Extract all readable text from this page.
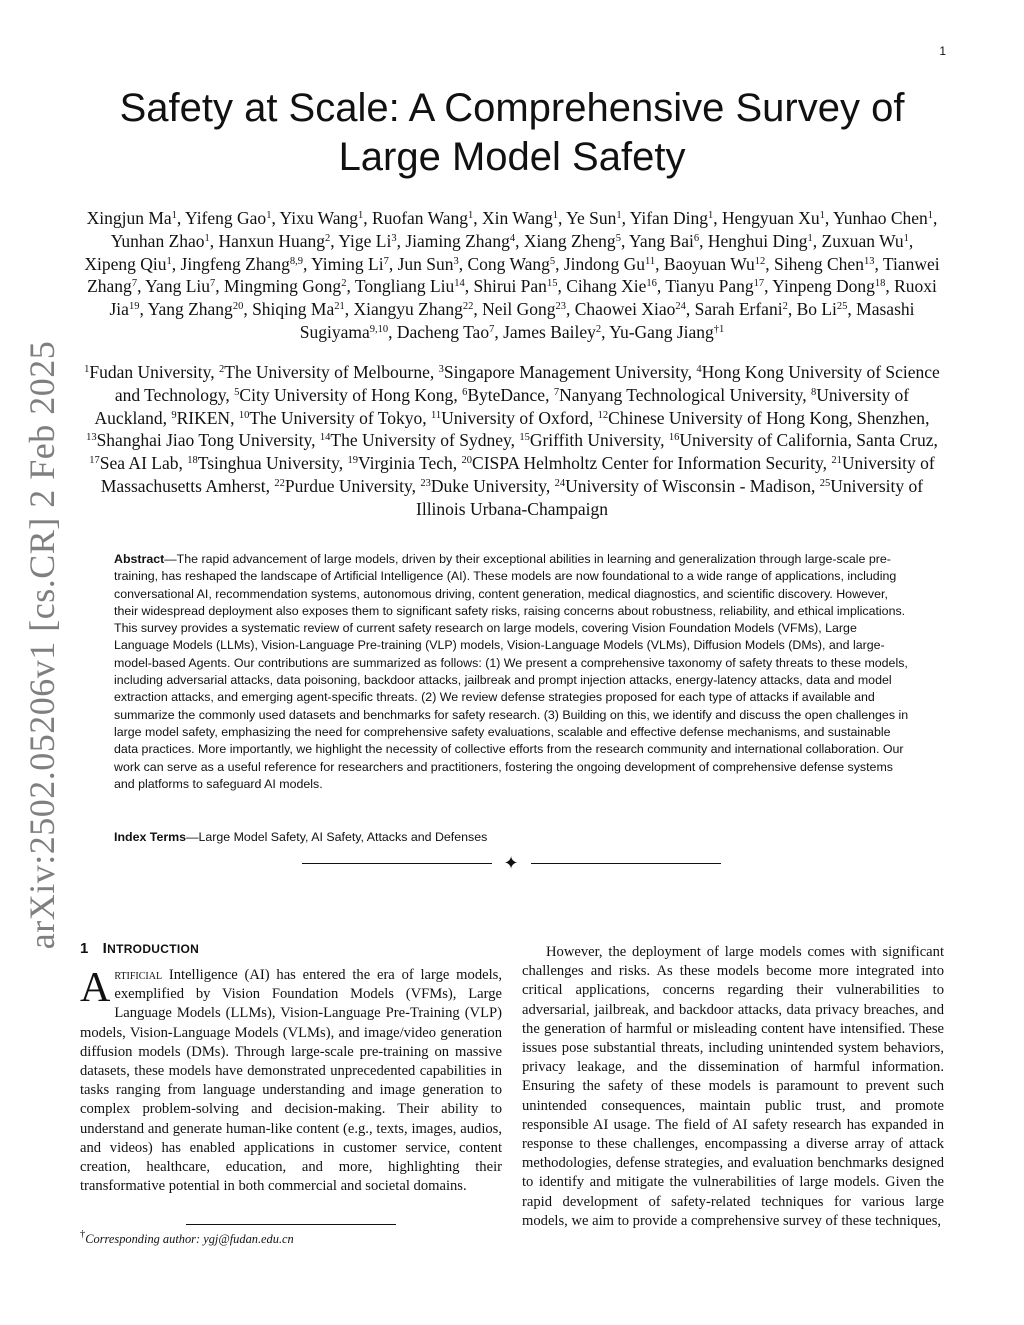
1
arXiv:2502.05206v1 [cs.CR] 2 Feb 2025
Safety at Scale: A Comprehensive Survey of
Large Model Safety
Xingjun Ma$^1$, Yifeng Gao$^1$, Yixu Wang$^1$, Ruofan Wang$^1$, Xin Wang$^1$, Ye Sun$^1$, Yifan Ding$^1$, Hengyuan Xu$^1$, Yunhao Chen$^1$, Yunhan Zhao$^1$, Hanxun Huang$^2$, Yige Li$^3$, Jiaming Zhang$^4$, Xiang Zheng$^5$, Yang Bai$^6$, Henghui Ding$^1$, Zuxuan Wu$^1$, Xipeng Qiu$^1$, Jingfeng Zhang$^{8,9}$, Yiming Li$^7$, Jun Sun$^3$, Cong Wang$^5$, Jindong Gu$^{11}$, Baoyuan Wu$^{12}$, Siheng Chen$^{13}$, Tianwei Zhang$^7$, Yang Liu$^7$, Mingming Gong$^2$, Tongliang Liu$^{14}$, Shirui Pan$^{15}$, Cihang Xie$^{16}$, Tianyu Pang$^{17}$, Yinpeng Dong$^{18}$, Ruoxi Jia$^{19}$, Yang Zhang$^{20}$, Shiqing Ma$^{21}$, Xiangyu Zhang$^{22}$, Neil Gong$^{23}$, Chaowei Xiao$^{24}$, Sarah Erfani$^2$, Bo Li$^{25}$, Masashi Sugiyama$^{9,10}$, Dacheng Tao$^7$, James Bailey$^2$, Yu-Gang Jiang$^{\dagger 1}$
$^1$Fudan University, $^2$The University of Melbourne, $^3$Singapore Management University, $^4$Hong Kong University of Science and Technology, $^5$City University of Hong Kong, $^6$ByteDance, $^7$Nanyang Technological University, $^8$University of Auckland, $^9$RIKEN, $^{10}$The University of Tokyo, $^{11}$University of Oxford, $^{12}$Chinese University of Hong Kong, Shenzhen, $^{13}$Shanghai Jiao Tong University, $^{14}$The University of Sydney, $^{15}$Griffith University, $^{16}$University of California, Santa Cruz, $^{17}$Sea AI Lab, $^{18}$Tsinghua University, $^{19}$Virginia Tech, $^{20}$CISPA Helmholtz Center for Information Security, $^{21}$University of Massachusetts Amherst, $^{22}$Purdue University, $^{23}$Duke University, $^{24}$University of Wisconsin - Madison, $^{25}$University of Illinois Urbana-Champaign
Abstract—The rapid advancement of large models, driven by their exceptional abilities in learning and generalization through large-scale pre-training, has reshaped the landscape of Artificial Intelligence (AI). These models are now foundational to a wide range of applications, including conversational AI, recommendation systems, autonomous driving, content generation, medical diagnostics, and scientific discovery. However, their widespread deployment also exposes them to significant safety risks, raising concerns about robustness, reliability, and ethical implications. This survey provides a systematic review of current safety research on large models, covering Vision Foundation Models (VFMs), Large Language Models (LLMs), Vision-Language Pre-training (VLP) models, Vision-Language Models (VLMs), Diffusion Models (DMs), and large-model-based Agents. Our contributions are summarized as follows: (1) We present a comprehensive taxonomy of safety threats to these models, including adversarial attacks, data poisoning, backdoor attacks, jailbreak and prompt injection attacks, energy-latency attacks, data and model extraction attacks, and emerging agent-specific threats. (2) We review defense strategies proposed for each type of attacks if available and summarize the commonly used datasets and benchmarks for safety research. (3) Building on this, we identify and discuss the open challenges in large model safety, emphasizing the need for comprehensive safety evaluations, scalable and effective defense mechanisms, and sustainable data practices. More importantly, we highlight the necessity of collective efforts from the research community and international collaboration. Our work can serve as a useful reference for researchers and practitioners, fostering the ongoing development of comprehensive defense systems and platforms to safeguard AI models.
Index Terms—Large Model Safety, AI Safety, Attacks and Defenses
✦
1 INTRODUCTION

Artificial Intelligence (AI) has entered the era of large models, exemplified by Vision Foundation Models (VFMs), Large Language Models (LLMs), Vision-Language Pre-Training (VLP) models, Vision-Language Models (VLMs), and image/video generation diffusion models (DMs). Through large-scale pre-training on massive datasets, these models have demonstrated unprecedented capabilities in tasks ranging from language understanding and image generation to complex problem-solving and decision-making. Their ability to understand and generate human-like content (e.g., texts, images, audios, and videos) has enabled applications in customer service, content creation, healthcare, education, and more, highlighting their transformative potential in both commercial and societal domains.

†Corresponding author: ygj@fudan.edu.cn

However, the deployment of large models comes with significant challenges and risks. As these models become more integrated into critical applications, concerns regarding their vulnerabilities to adversarial, jailbreak, and backdoor attacks, data privacy breaches, and the generation of harmful or misleading content have intensified. These issues pose substantial threats, including unintended system behaviors, privacy leakage, and the dissemination of harmful information. Ensuring the safety of these models is paramount to prevent such unintended consequences, maintain public trust, and promote responsible AI usage. The field of AI safety research has expanded in response to these challenges, encompassing a diverse array of attack methodologies, defense strategies, and evaluation benchmarks designed to identify and mitigate the vulnerabilities of large models. Given the rapid development of safety-related techniques for various large models, we aim to provide a comprehensive survey of these techniques,
